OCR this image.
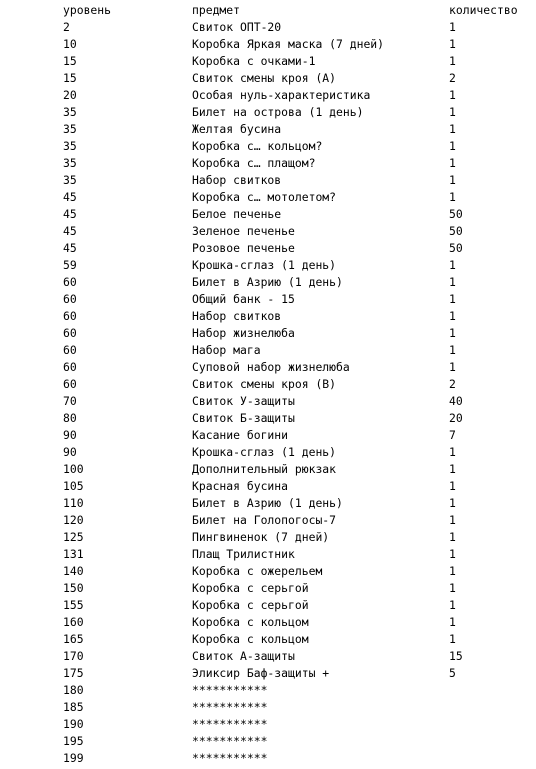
уровень	предмет	количество
2	Свиток ОПТ-20	1
10	Коробка Яркая маска (7 дней)	1
15	Коробка с очками-1	1
15	Свиток смены кроя (А)	2
20	Особая нуль-характеристика	1
35	Билет на острова (1 день)	1
35	Желтая бусина	1
35	Коробка с… кольцом?	1
35	Коробка с… плащом?	1
35	Набор свитков	1
45	Коробка с… мотолетом?	1
45	Белое печенье	50
45	Зеленое печенье	50
45	Розовое печенье	50
59	Крошка-сглаз (1 день)	1
60	Билет в Азрию (1 день)	1
60	Общий банк - 15	1
60	Набор свитков	1
60	Набор жизнелюба	1
60	Набор мага	1
60	Суповой набор жизнелюба	1
60	Свиток смены кроя (В)	2
70	Свиток У-защиты	40
80	Свиток Б-защиты	20
90	Касание богини	7
90	Крошка-сглаз (1 день)	1
100	Дополнительный рюкзак	1
105	Красная бусина	1
110	Билет в Азрию (1 день)	1
120	Билет на Голопогосы-7	1
125	Пингвиненок (7 дней)	1
131	Плащ Трилистник	1
140	Коробка с ожерельем	1
150	Коробка с серьгой	1
155	Коробка с серьгой	1
160	Коробка с кольцом	1
165	Коробка с кольцом	1
170	Свиток А-защиты	15
175	Эликсир Баф-защиты +	5
180	***********
185	***********
190	***********
195	***********
199	***********
